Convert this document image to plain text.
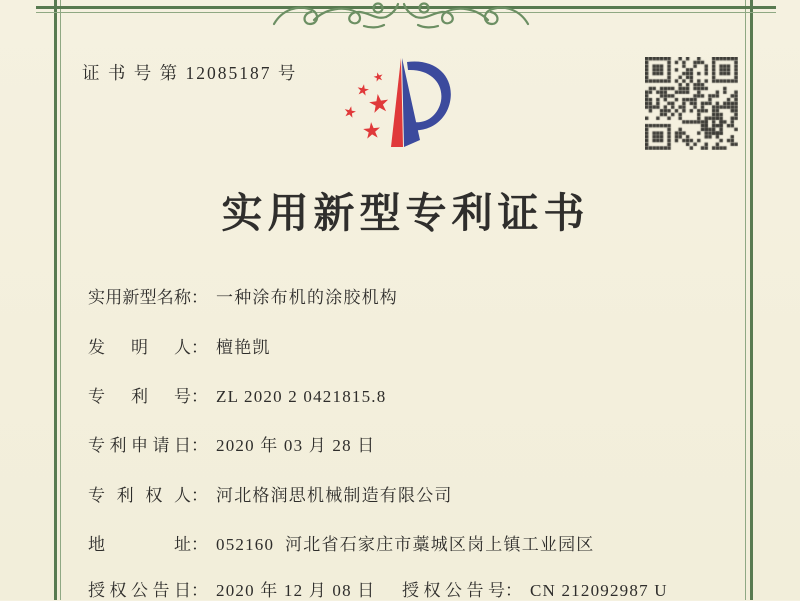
证 书 号 第 12085187 号	★
★
★
★
★
实用新型专利证书
实用新型名称： 一种涂布机的涂胶机构
发明人： 檀艳凯
专利号： ZL 2020 2 0421815.8
专利申请日： 2020 年 03 月 28 日
专利权人： 河北格润思机械制造有限公司
地址： 052160  河北省石家庄市藁城区岗上镇工业园区
授权公告日： 2020 年 12 月 08 日 授权公告号： CN 212092987 U
